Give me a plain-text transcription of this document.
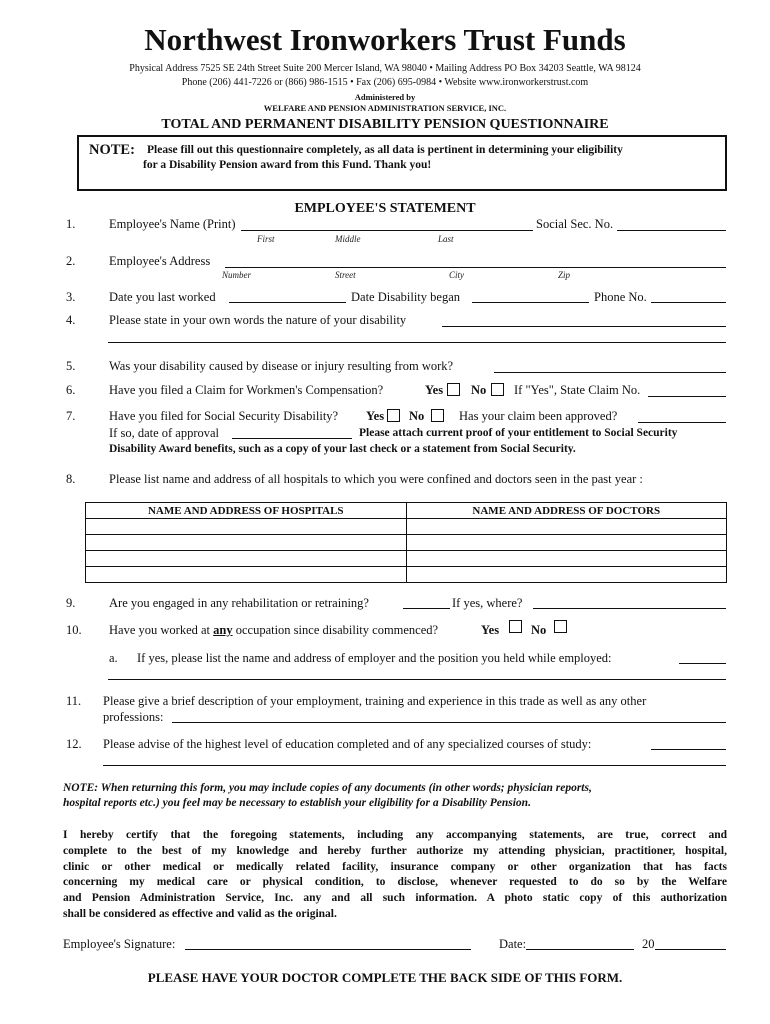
Northwest Ironworkers Trust Funds
Physical Address 7525 SE 24th Street Suite 200 Mercer Island, WA 98040 • Mailing Address PO Box 34203 Seattle, WA 98124
Phone (206) 441-7226 or (866) 986-1515 • Fax (206) 695-0984 • Website www.ironworkerstrust.com
Administered by
WELFARE AND PENSION ADMINISTRATION SERVICE, INC.
TOTAL AND PERMANENT DISABILITY PENSION QUESTIONNAIRE
NOTE: Please fill out this questionnaire completely, as all data is pertinent in determining your eligibility
for a Disability Pension award from this Fund. Thank you!
EMPLOYEE'S STATEMENT
1.	Employee's Name (Print)	Social Sec. No.
First	Middle	Last
2.	Employee's Address
Number	Street	City	Zip
3.	Date you last worked	Date Disability began	Phone No.
4.	Please state in your own words the nature of your disability
5.	Was your disability caused by disease or injury resulting from work?
6.	Have you filed a Claim for Workmen's Compensation?	Yes No If "Yes", State Claim No.
7.	Have you filed for Social Security Disability? Yes No	Has your claim been approved?
If so, date of approval	Please attach current proof of your entitlement to Social Security
Disability Award benefits, such as a copy of your last check or a statement from Social Security.
8.	Please list name and address of all hospitals to which you were confined and doctors seen in the past year :
NAME AND ADDRESS OF HOSPITALS	NAME AND ADDRESS OF DOCTORS

9.	Are you engaged in any rehabilitation or retraining?	If yes, where?
10. Have you worked at any occupation since disability commenced?	Yes	No
a. If yes, please list the name and address of employer and the position you held while employed:
11. Please give a brief description of your employment, training and experience in this trade as well as any other
professions:
12. Please advise of the highest level of education completed and of any specialized courses of study:
NOTE: When returning this form, you may include copies of any documents (in other words; physician reports,
hospital reports etc.) you feel may be necessary to establish your eligibility for a Disability Pension.
I hereby certify that the foregoing statements, including any accompanying statements, are true, correct and
complete to the best of my knowledge and hereby further authorize my attending physician, practitioner, hospital,
clinic or other medical or medically related facility, insurance company or other organization that has facts
concerning my medical care or physical condition, to disclose, whenever requested to do so by the Welfare
and Pension Administration Service, Inc. any and all such information. A photo static copy of this authorization
shall be considered as effective and valid as the original.
Employee's Signature:	Date:	20
PLEASE HAVE YOUR DOCTOR COMPLETE THE BACK SIDE OF THIS FORM.
